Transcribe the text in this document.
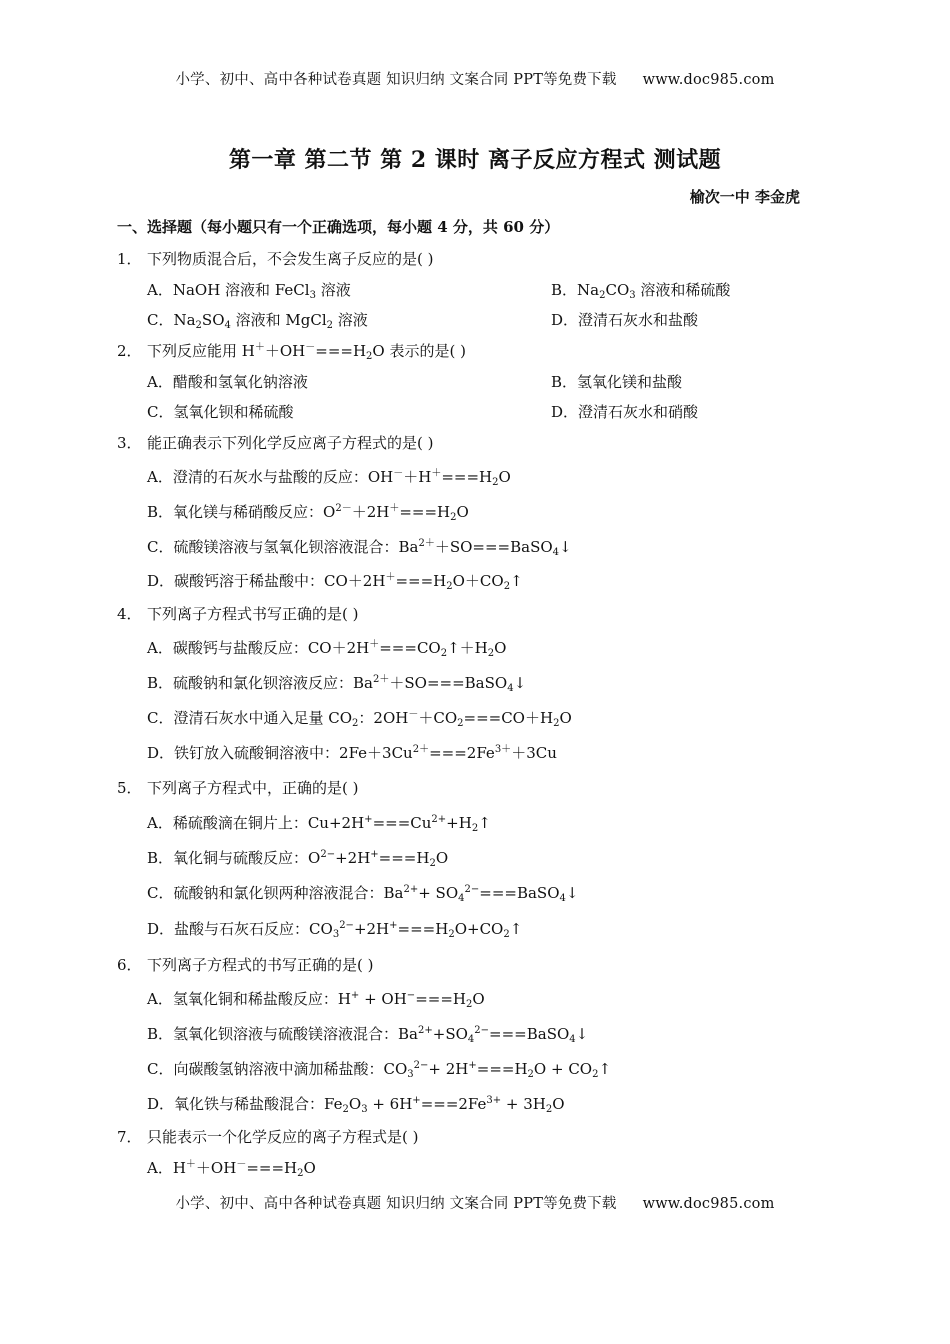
小学、初中、高中各种试卷真题 知识归纳 文案合同 PPT等免费下载 www.doc985.com
第一章 第二节 第 2 课时 离子反应方程式 测试题
榆次一中 李金虎
一、选择题（每小题只有一个正确选项，每小题 4 分，共 60 分）
1． 下列物质混合后，不会发生离子反应的是( )
A．NaOH 溶液和 FeCl$_3$ 溶液	B．$Na_2CO_3$ 溶液和稀硫酸
C．$Na_2SO_4$ 溶液和 MgCl$_2$ 溶液	D．澄清石灰水和盐酸
2． 下列反应能用 $H^++OH^-===H_2O$ 表示的是( )
A．醋酸和氢氧化钠溶液	B．氢氧化镁和盐酸
C．氢氧化钡和稀硫酸	D．澄清石灰水和硝酸
3． 能正确表示下列化学反应离子方程式的是( )
A．澄清的石灰水与盐酸的反应：$OH^-+H^+===H_2O$
B．氧化镁与稀硝酸反应：$O^{2-}+2H^+===H_2O$
C．硫酸镁溶液与氢氧化钡溶液混合：$Ba^{2+}+SO===BaSO_4↓$
D．碳酸钙溶于稀盐酸中：$CO+2H^+===H_2O+CO_2↑$
4． 下列离子方程式书写正确的是( )
A．碳酸钙与盐酸反应：$CO+2H^+===CO_2↑+H_2O$
B．硫酸钠和氯化钡溶液反应：$Ba^{2+}+SO===BaSO_4↓$
C．澄清石灰水中通入足量 $CO_2$：$2OH^-+CO_2===CO+H_2O$
D．铁钉放入硫酸铜溶液中：$2Fe+3Cu^{2+}===2Fe^{3+}+3Cu$
5． 下列离子方程式中，正确的是( )
A．稀硫酸滴在铜片上：$Cu+2H^+===Cu^{2+}+H_2↑$
B．氧化铜与硫酸反应：$O^{2-}+2H^+===H_2O$
C．硫酸钠和氯化钡两种溶液混合：$Ba^{2+}+$ $SO_4^{2-}===BaSO_4↓$
D．盐酸与石灰石反应：$CO_3^{2-}+2H^+===H_2O+CO_2↑$
6． 下列离子方程式的书写正确的是( )
A．氢氧化铜和稀盐酸反应：$H^+ + OH^-===H_2O$
B．氢氧化钡溶液与硫酸镁溶液混合：$Ba^{2+}+SO_4^{2-}===BaSO_4↓$
C．向碳酸氢钠溶液中滴加稀盐酸：$CO_3^{2-}+ 2H^+===H_2O$ + $CO_2↑$
D．氧化铁与稀盐酸混合：$Fe_2O_3 + 6H^+===2Fe^{3+} + 3H_2O$
7． 只能表示一个化学反应的离子方程式是( )
A．$H^++OH^-===H_2O$
小学、初中、高中各种试卷真题 知识归纳 文案合同 PPT等免费下载 www.doc985.com
